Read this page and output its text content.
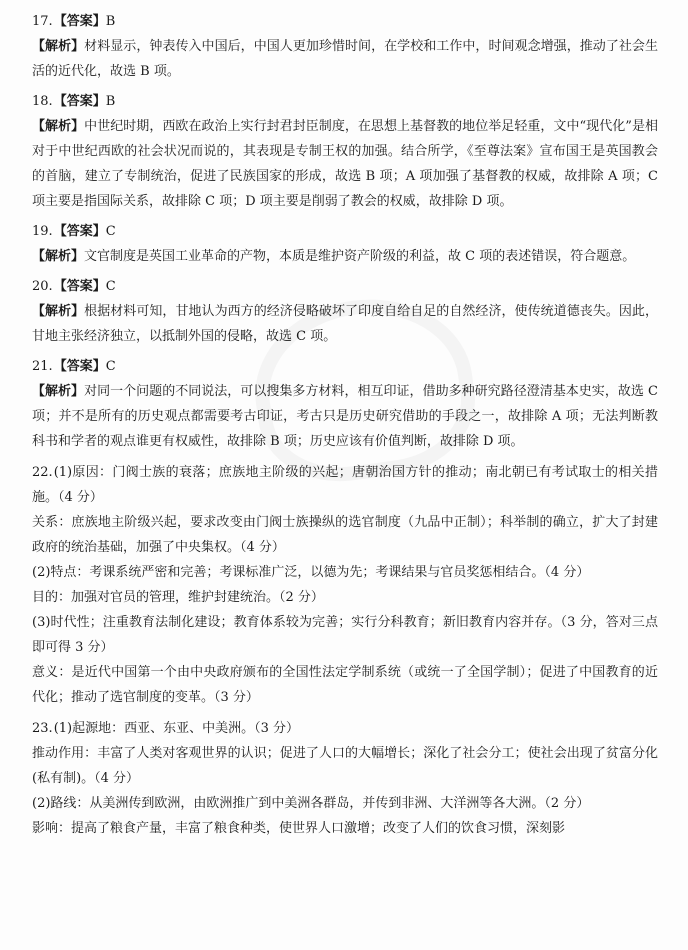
17.【答案】B

【解析】材料显示，钟表传入中国后，中国人更加珍惜时间，在学校和工作中，时间观念增强，推动了社会生活的近代化，故选 B 项。

18.【答案】B

【解析】中世纪时期，西欧在政治上实行封君封臣制度，在思想上基督教的地位举足轻重，文中“现代化”是相对于中世纪西欧的社会状况而说的，其表现是专制王权的加强。结合所学，《至尊法案》宣布国王是英国教会的首脑，建立了专制统治，促进了民族国家的形成，故选 B 项；A 项加强了基督教的权威，故排除 A 项；C 项主要是指国际关系，故排除 C 项；D 项主要是削弱了教会的权威，故排除 D 项。

19.【答案】C

【解析】文官制度是英国工业革命的产物，本质是维护资产阶级的利益，故 C 项的表述错误，符合题意。

20.【答案】C

【解析】根据材料可知，甘地认为西方的经济侵略破坏了印度自给自足的自然经济，使传统道德丧失。因此，甘地主张经济独立，以抵制外国的侵略，故选 C 项。

21.【答案】C

【解析】对同一个问题的不同说法，可以搜集多方材料，相互印证，借助多种研究路径澄清基本史实，故选 C 项；并不是所有的历史观点都需要考古印证，考古只是历史研究借助的手段之一，故排除 A 项；无法判断教科书和学者的观点谁更有权威性，故排除 B 项；历史应该有价值判断，故排除 D 项。

22.(1)原因：门阀士族的衰落；庶族地主阶级的兴起；唐朝治国方针的推动；南北朝已有考试取士的相关措施。（4 分）

关系：庶族地主阶级兴起，要求改变由门阀士族操纵的选官制度（九品中正制）；科举制的确立，扩大了封建政府的统治基础，加强了中央集权。（4 分）

(2)特点：考课系统严密和完善；考课标准广泛，以德为先；考课结果与官员奖惩相结合。（4 分）

目的：加强对官员的管理，维护封建统治。（2 分）

(3)时代性；注重教育法制化建设；教育体系较为完善；实行分科教育；新旧教育内容并存。（3 分，答对三点即可得 3 分）

意义：是近代中国第一个由中央政府颁布的全国性法定学制系统（或统一了全国学制）；促进了中国教育的近代化；推动了选官制度的变革。（3 分）

23.(1)起源地：西亚、东亚、中美洲。（3 分）

推动作用：丰富了人类对客观世界的认识；促进了人口的大幅增长；深化了社会分工；使社会出现了贫富分化(私有制)。（4 分）

(2)路线：从美洲传到欧洲，由欧洲推广到中美洲各群岛，并传到非洲、大洋洲等各大洲。（2 分）

影响：提高了粮食产量，丰富了粮食种类，使世界人口激增；改变了人们的饮食习惯，深刻影
